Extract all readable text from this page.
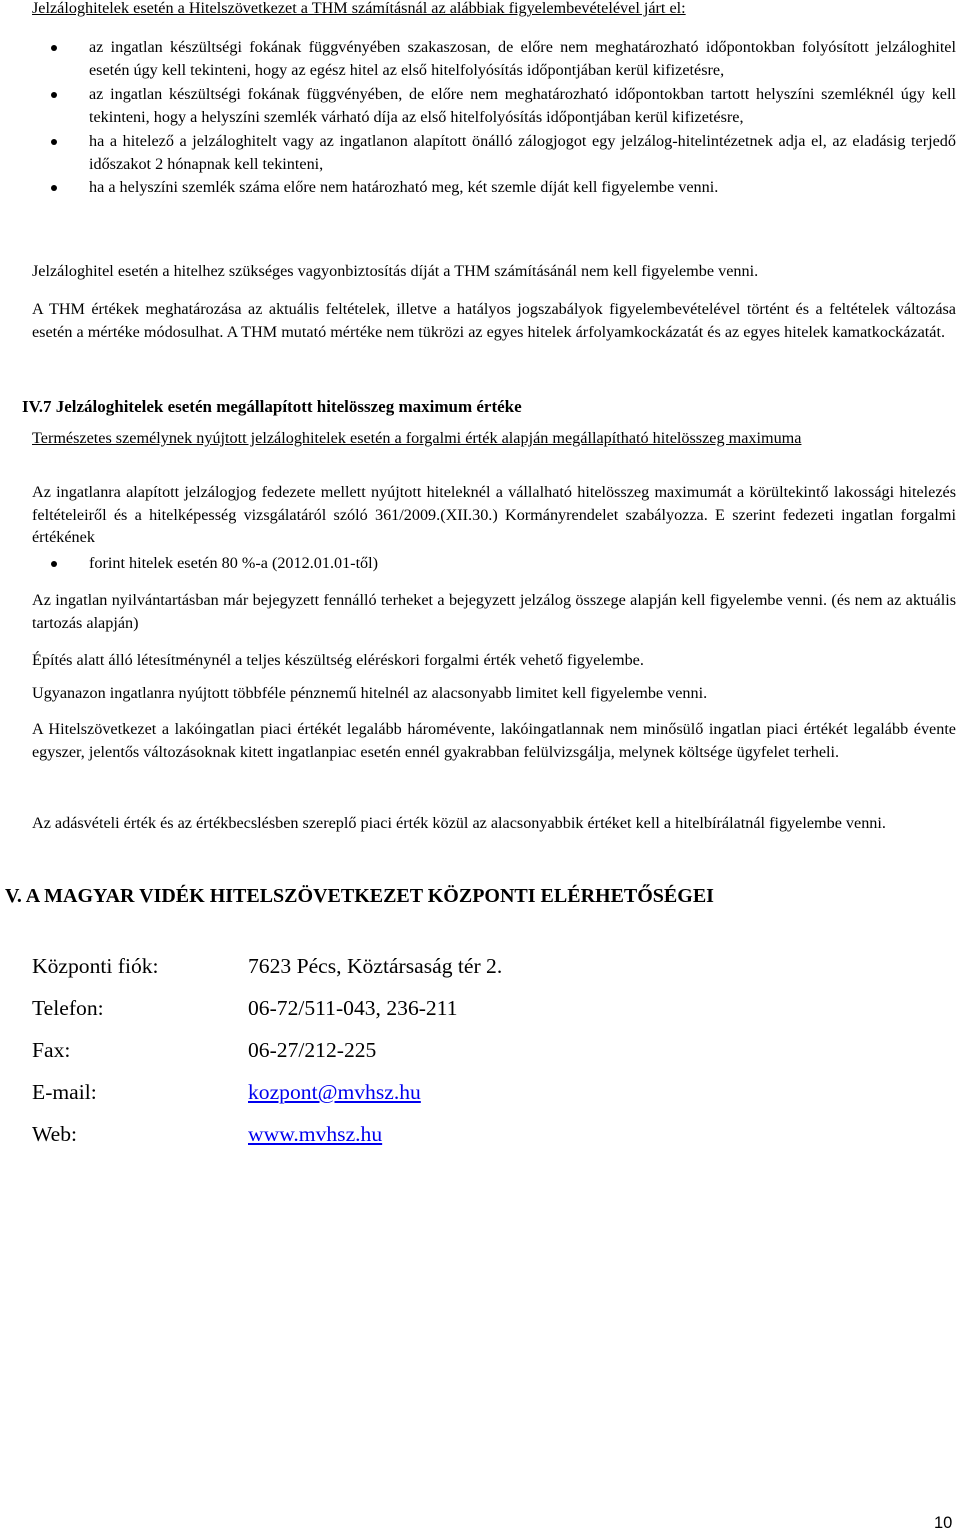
Jelzáloghitelek esetén a Hitelszövetkezet a THM számításnál az alábbiak figyelembevételével járt el:
az ingatlan készültségi fokának függvényében szakaszosan, de előre nem meghatározható időpontokban folyósított jelzáloghitel esetén úgy kell tekinteni, hogy az egész hitel az első hitelfolyósítás időpontjában kerül kifizetésre,
az ingatlan készültségi fokának függvényében, de előre nem meghatározható időpontokban tartott helyszíni szemléknél úgy kell tekinteni, hogy a helyszíni szemlék várható díja az első hitelfolyósítás időpontjában kerül kifizetésre,
ha a hitelező a jelzáloghitelt vagy az ingatlanon alapított önálló zálogjogot egy jelzálog-hitelintézetnek adja el, az eladásig terjedő időszakot 2 hónapnak kell tekinteni,
ha a helyszíni szemlék száma előre nem határozható meg, két szemle díját kell figyelembe venni.

Jelzáloghitel esetén a hitelhez szükséges vagyonbiztosítás díját a THM számításánál nem kell figyelembe venni.

A THM értékek meghatározása az aktuális feltételek, illetve a hatályos jogszabályok figyelembevételével történt és a feltételek változása esetén a mértéke módosulhat. A THM mutató mértéke nem tükrözi az egyes hitelek árfolyamkockázatát és az egyes hitelek kamatkockázatát.

IV.7 Jelzáloghitelek esetén megállapított hitelösszeg maximum értéke

Természetes személynek nyújtott jelzáloghitelek esetén a forgalmi érték alapján megállapítható hitelösszeg maximuma

Az ingatlanra alapított jelzálogjog fedezete mellett nyújtott hiteleknél a vállalható hitelösszeg maximumát a körültekintő lakossági hitelezés feltételeiről és a hitelképesség vizsgálatáról szóló 361/2009.(XII.30.) Kormányrendelet szabályozza. E szerint fedezeti ingatlan forgalmi értékének

forint hitelek esetén 80 %-a (2012.01.01-től)

Az ingatlan nyilvántartásban már bejegyzett fennálló terheket a bejegyzett jelzálog összege alapján kell figyelembe venni. (és nem az aktuális tartozás alapján)

Építés alatt álló létesítménynél a teljes készültség eléréskori forgalmi érték vehető figyelembe.

Ugyanazon ingatlanra nyújtott többféle pénznemű hitelnél az alacsonyabb limitet kell figyelembe venni.

A Hitelszövetkezet a lakóingatlan piaci értékét legalább háromévente, lakóingatlannak nem minősülő ingatlan piaci értékét legalább évente egyszer, jelentős változásoknak kitett ingatlanpiac esetén ennél gyakrabban felülvizsgálja, melynek költsége ügyfelet terheli.

Az adásvételi érték és az értékbecslésben szereplő piaci érték közül az alacsonyabbik értéket kell a hitelbírálatnál figyelembe venni.

V. A MAGYAR VIDÉK HITELSZÖVETKEZET KÖZPONTI ELÉRHETŐSÉGEI
Központi fiók:	7623 Pécs, Köztársaság tér 2.
Telefon:	06-72/511-043, 236-211
Fax:	06-27/212-225
E-mail:	kozpont@mvhsz.hu
Web:	www.mvhsz.hu
10
